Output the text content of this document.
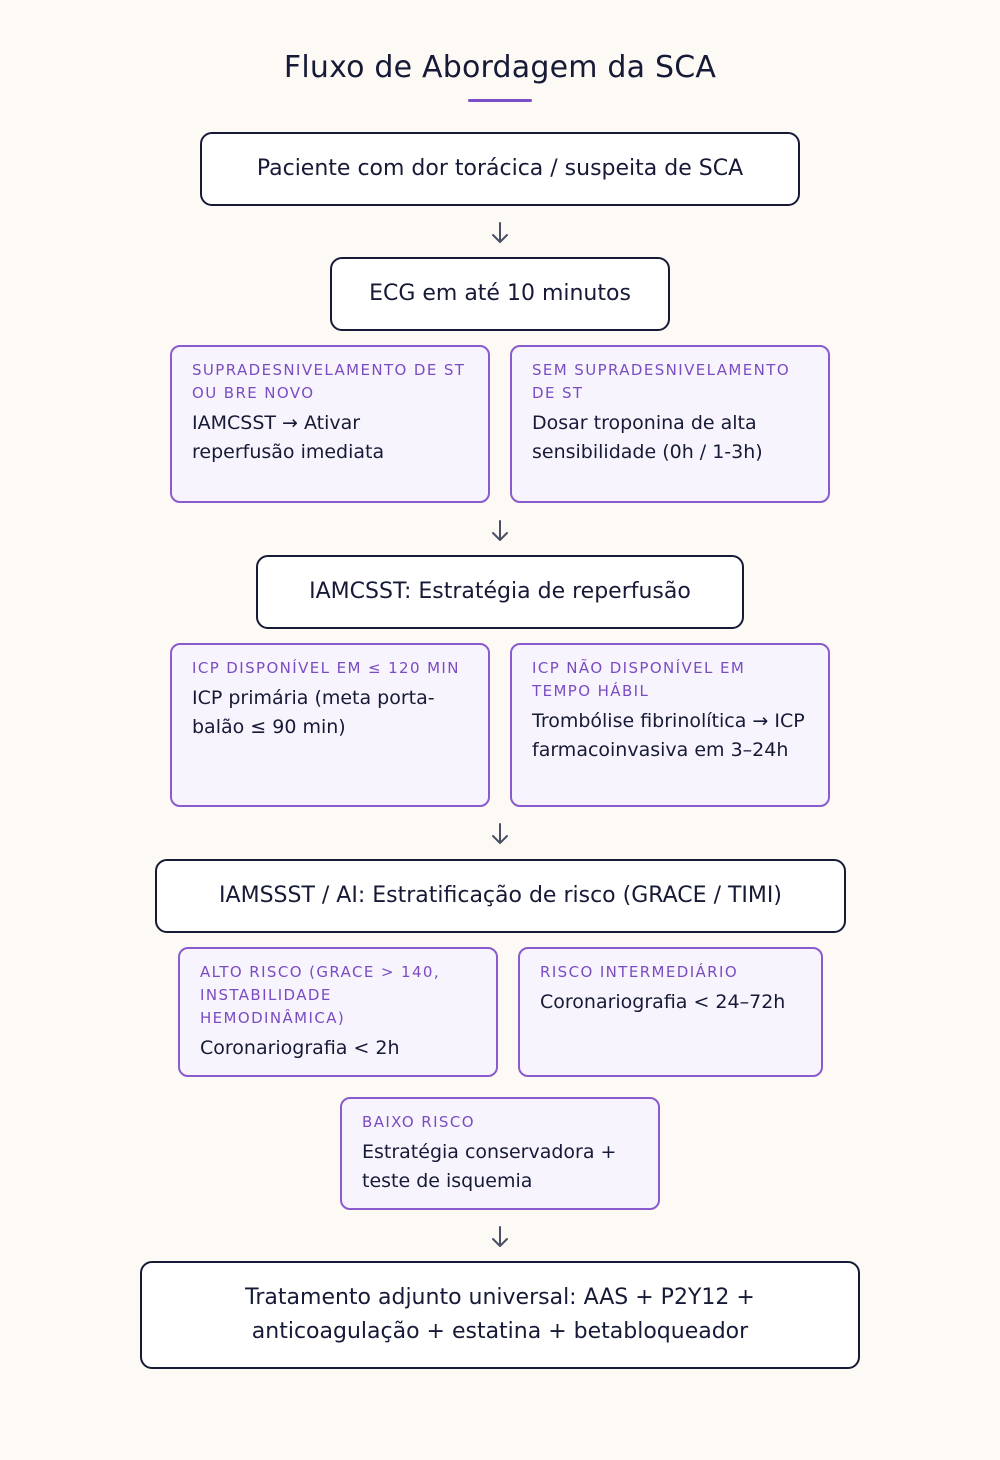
Fluxo de Abordagem da SCA
Paciente com dor torácica / suspeita de SCA
ECG em até 10 minutos
SUPRADESNIVELAMENTO DE ST OU BRE NOVO
IAMCSST → Ativar reperfusão imediata
SEM SUPRADESNIVELAMENTO DE ST
Dosar troponina de alta sensibilidade (0h / 1-3h)
IAMCSST: Estratégia de reperfusão
ICP DISPONÍVEL EM ≤ 120 MIN
ICP primária (meta porta-balão ≤ 90 min)
ICP NÃO DISPONÍVEL EM TEMPO HÁBIL
Trombólise fibrinolítica → ICP farmacoinvasiva em 3–24h
IAMSSST / AI: Estratificação de risco (GRACE / TIMI)
ALTO RISCO (GRACE > 140, INSTABILIDADE HEMODINÂMICA)
Coronariografia < 2h
RISCO INTERMEDIÁRIO
Coronariografia < 24–72h
BAIXO RISCO
Estratégia conservadora + teste de isquemia
Tratamento adjunto universal: AAS + P2Y12 + anticoagulação + estatina + betabloqueador
